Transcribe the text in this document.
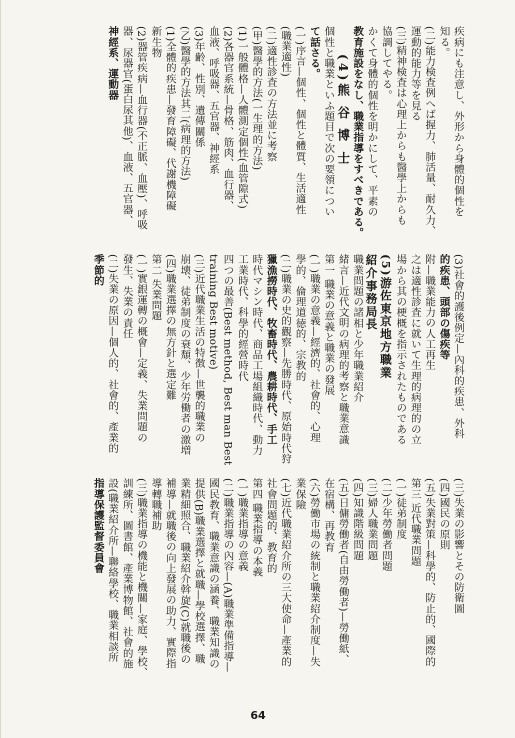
疾病にも注意し、外形から身體的個性を
知る。
(二)能力検査例へば握力、肺活量、耐久力、
運動的能力等を見る
(三)精神検査は心理上からも醫學上からも
協調してやる。
かくて身體的個性を明かにして、平素の
教育施設をなし、職業指導をすべきである。
(4)熊 谷 博 士
個性と職業といふ題目で次の要領につい
て話さる。
(一)序言—個性、個性と體質、生活適性
(職業適性)
(二)適性診査の方法並に考察
(甲)醫學的方法(一生理的方法)
(1)一般體格—人體測定個性(血管隙式)
(2)各器官系統—骨格、筋肉、血行器、
血液、呼吸器、五官器、神經系
(3)年齢、性別、遺傳關係
(乙)醫學的方法其二(病理的方法)
(1)全體的疾患—發育障礙、代謝機障礙
新生物
(2)器管疾病—血行器(不正脈、血壓)、呼吸
器、尿器官(蛋白尿其他)、血液、五官器、
神經系、運動器
(3)社會的護後例定—內科的疾患、外科
的疾患、頭部の傷疾等
附—職業能力の人工再生
之は適性診査に就いて生理的病理的の立
場から其の梗概を指示されたものである
(5)游佐東京地方職業
紹介事務局長
職業問題の諸相と少年職業紹介
緒言—近代文明の病理的考察と職業意識
第一 職業の意義と職業の發展
(一)職業の意義—經濟的、社會的、心理
學的、倫理道徳的、宗教的
(二)職業の史的觀察—先勝時代、原始時代狩
獵漁撈時代、牧畜時代、農耕時代、手工
時代マシン時代、商品工場組織時代、動力
工業時代、科學的經營時代
四つの最善(Best method, Best man Best
training Best motive)
(三)近代職業生活の特徴—世襲的職業の
崩壊、徒弟制度の衰頽、少年労働者の激増
(四)職業選擇の無方針と選定難
第二 失業問題
(一)實銀運轉の概會—定義、失業問題の
發生、失業の責任
(二)失業の原因—個人的、社會的、產業的
季節的
(三)失業の影響とその防衛圖
(四)國民の原則
(五)失業對策—科學的、防止的、國際的
第三 近代職業問題
(一)徒弟制度
(二)少年勞働者問題
(三)婦人職業問題
(四)知識階級問題
(五)日傭勞働者(自由勞働者)—勞働紙、
在宿構、再教育
(六)勞働市場の統制と職業紹介制度—失
業保險
(七)近代職業紹介所の三大使命—產業的
社會問題的、教育的
第四 職業指導の本義
(一)職業指導の意義
(二)職業指導の內容—(A)職業準備指導—
國民教育、職業意識の涵養、職業知識の
提供(B)職業選擇と就職—學校選擇、職
業精細照合、職業紹介斡旋(C)就職後の
補導—就職後の向上發展の助力、實際指
導轉職補助
(三)職業指導の機能と機關—家庭、學校、
訓練所、圖書館、產業博物館、社會的施
設(職業紹介所—聯絡學校、職業相談所
指導保護監督委員會
64
